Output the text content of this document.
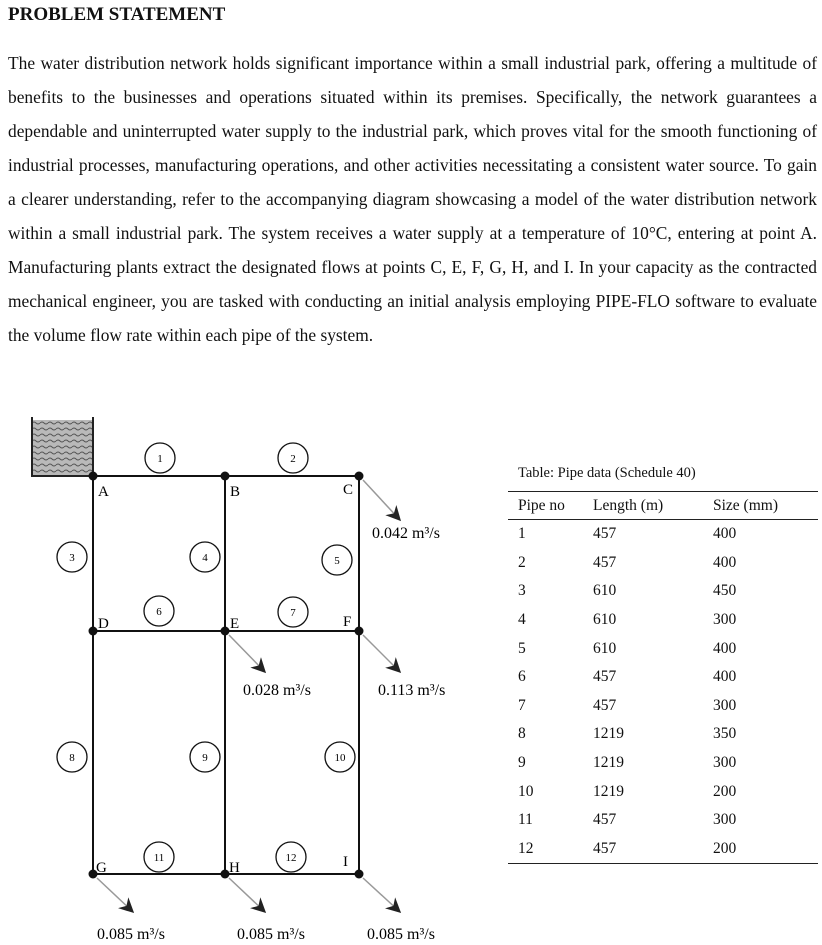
PROBLEM STATEMENT
The water distribution network holds significant importance within a small industrial park, offering a multitude of benefits to the businesses and operations situated within its premises. Specifically, the network guarantees a dependable and uninterrupted water supply to the industrial park, which proves vital for the smooth functioning of industrial processes, manufacturing operations, and other activities necessitating a consistent water source. To gain a clearer understanding, refer to the accompanying diagram showcasing a model of the water distribution network within a small industrial park. The system receives a water supply at a temperature of 10°C, entering at point A. Manufacturing plants extract the designated flows at points C, E, F, G, H, and I. In your capacity as the contracted mechanical engineer, you are tasked with conducting an initial analysis employing PIPE-FLO software to evaluate the volume flow rate within each pipe of the system.
0.042 m³/s
0.028 m³/s	0.113 m³/s
0.085 m³/s	0.085 m³/s	0.085 m³/s
A	B	C
D	E	F
G	H	I
1	2
3	4	5
6	7
8	9	10
11	12
Table: Pipe data (Schedule 40)
Pipe no	Length (m)	Size (mm)
1	457	400
2	457	400
3	610	450
4	610	300
5	610	400
6	457	400
7	457	300
8	1219	350
9	1219	300
10	1219	200
11	457	300
12	457	200
